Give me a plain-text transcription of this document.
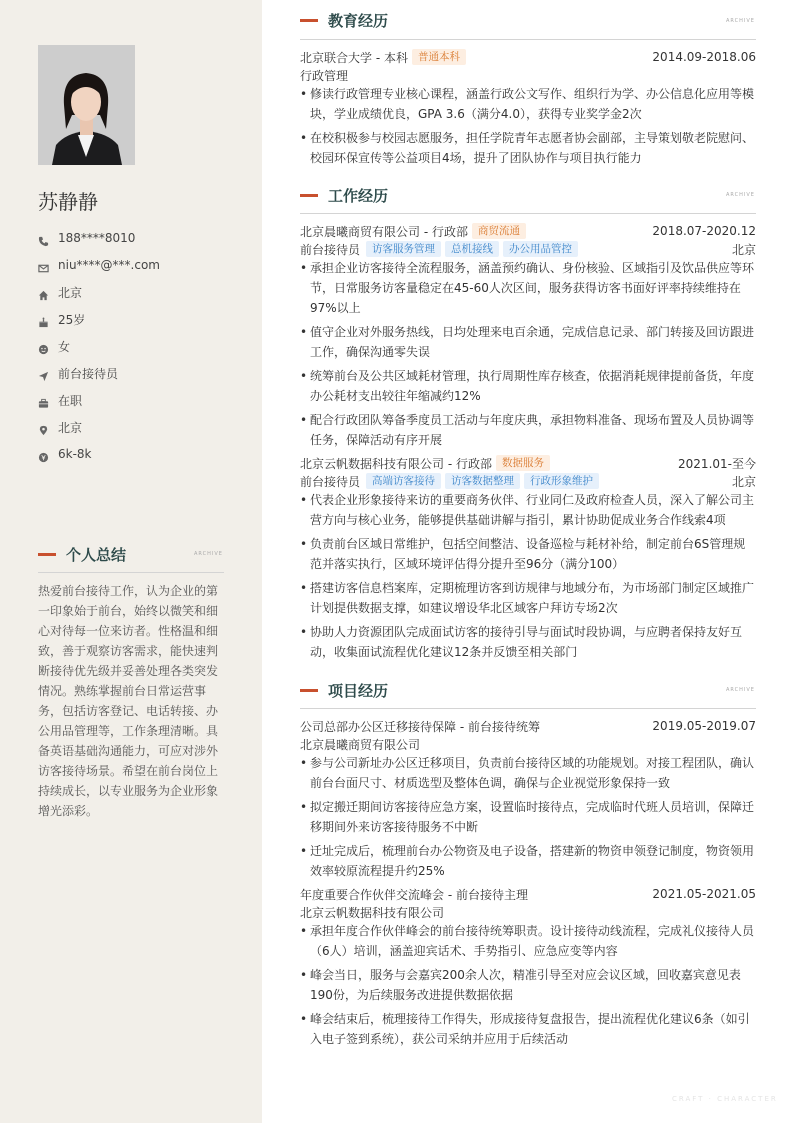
苏静静
188****8010
niu****@***.com
北京
25岁
女
前台接待员
在职
北京
6k-8k
个人总结	ARCHIVE
热爱前台接待工作，认为企业的第一印象始于前台，始终以微笑和细心对待每一位来访者。性格温和细致，善于观察访客需求，能快速判断接待优先级并妥善处理各类突发情况。熟练掌握前台日常运营事务，包括访客登记、电话转接、办公用品管理等，工作条理清晰。具备英语基础沟通能力，可应对涉外访客接待场景。希望在前台岗位上持续成长，以专业服务为企业形象增光添彩。
教育经历	ARCHIVE
北京联合大学 - 本科 普通本科	2014.09-2018.06
行政管理
• 修读行政管理专业核心课程，涵盖行政公文写作、组织行为学、办公信息化应用等模块，学业成绩优良，GPA 3.6（满分4.0），获得专业奖学金2次
• 在校积极参与校园志愿服务，担任学院青年志愿者协会副部，主导策划敬老院慰问、校园环保宣传等公益项目4场，提升了团队协作与项目执行能力
工作经历	ARCHIVE
北京晨曦商贸有限公司 - 行政部 商贸流通	2018.07-2020.12
前台接待员	访客服务管理	总机接线	办公用品管控	北京
• 承担企业访客接待全流程服务，涵盖预约确认、身份核验、区域指引及饮品供应等环节，日常服务访客量稳定在45-60人次区间，服务获得访客书面好评率持续维持在97%以上
• 值守企业对外服务热线，日均处理来电百余通，完成信息记录、部门转接及回访跟进工作，确保沟通零失误
• 统筹前台及公共区域耗材管理，执行周期性库存核查，依据消耗规律提前备货，年度办公耗材支出较往年缩减约12%
• 配合行政团队筹备季度员工活动与年度庆典，承担物料准备、现场布置及人员协调等任务，保障活动有序开展
北京云帆数据科技有限公司 - 行政部 数据服务	2021.01-至今
前台接待员	高端访客接待	访客数据整理	行政形象维护	北京
• 代表企业形象接待来访的重要商务伙伴、行业同仁及政府检查人员，深入了解公司主营方向与核心业务，能够提供基础讲解与指引，累计协助促成业务合作线索4项
• 负责前台区域日常维护，包括空间整洁、设备巡检与耗材补给，制定前台6S管理规范并落实执行，区域环境评估得分提升至96分（满分100）
• 搭建访客信息档案库，定期梳理访客到访规律与地域分布，为市场部门制定区域推广计划提供数据支撑，如建议增设华北区域客户拜访专场2次
• 协助人力资源团队完成面试访客的接待引导与面试时段协调，与应聘者保持友好互动，收集面试流程优化建议12条并反馈至相关部门
项目经历	ARCHIVE
公司总部办公区迁移接待保障 - 前台接待统筹	2019.05-2019.07
北京晨曦商贸有限公司
• 参与公司新址办公区迁移项目，负责前台接待区域的功能规划。对接工程团队，确认前台台面尺寸、材质选型及整体色调，确保与企业视觉形象保持一致
• 拟定搬迁期间访客接待应急方案，设置临时接待点，完成临时代班人员培训，保障迁移期间外来访客接待服务不中断
• 迁址完成后，梳理前台办公物资及电子设备，搭建新的物资申领登记制度，物资领用效率较原流程提升约25%
年度重要合作伙伴交流峰会 - 前台接待主理	2021.05-2021.05
北京云帆数据科技有限公司
• 承担年度合作伙伴峰会的前台接待统筹职责。设计接待动线流程，完成礼仪接待人员（6人）培训，涵盖迎宾话术、手势指引、应急应变等内容
• 峰会当日，服务与会嘉宾200余人次，精准引导至对应会议区域，回收嘉宾意见表190份，为后续服务改进提供数据依据
• 峰会结束后，梳理接待工作得失，形成接待复盘报告，提出流程优化建议6条（如引入电子签到系统），获公司采纳并应用于后续活动
CRAFT · CHARACTER
